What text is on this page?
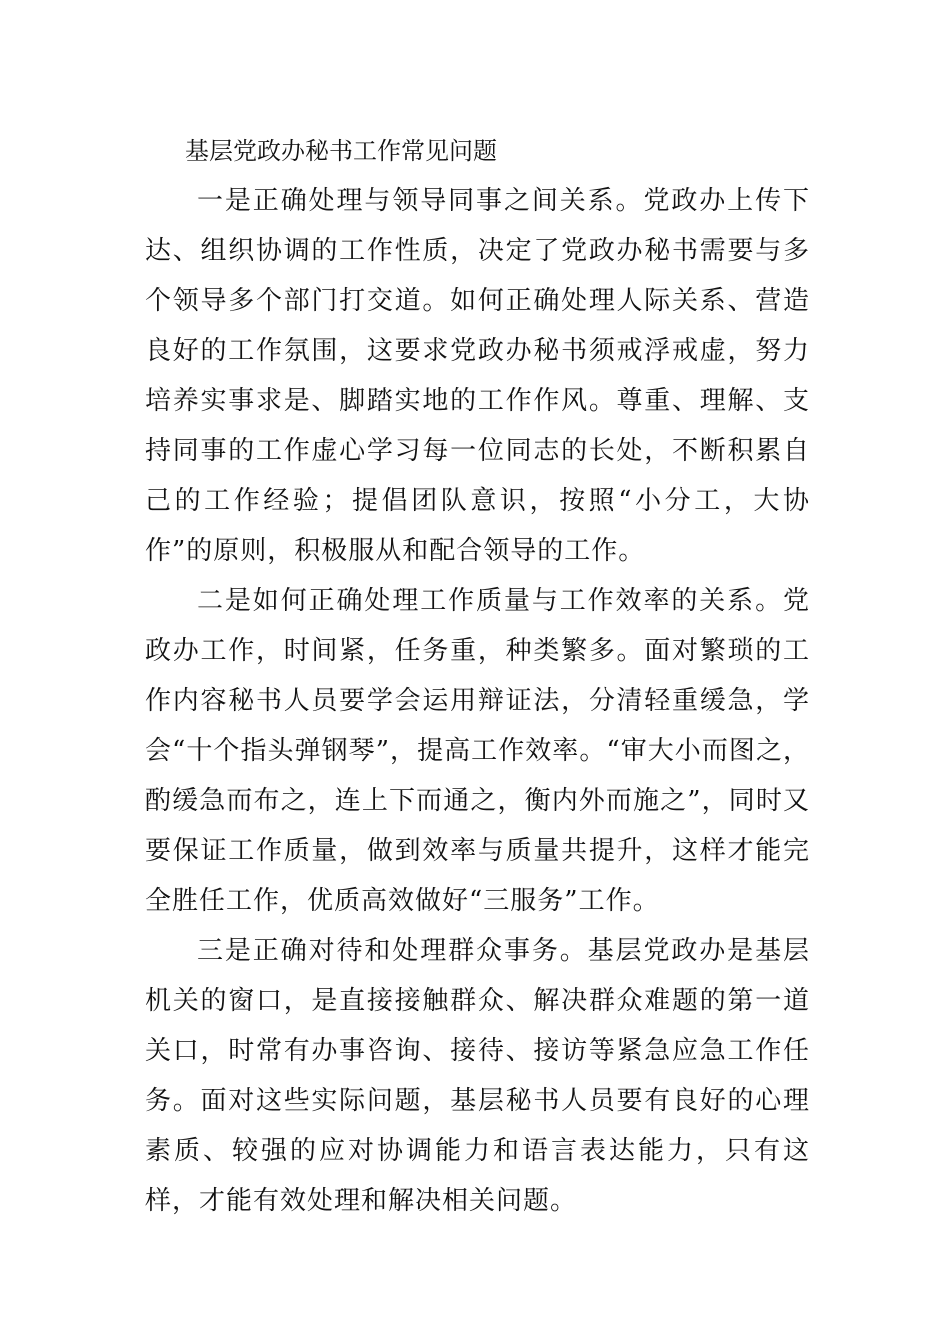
基层党政办秘书工作常见问题

一是正确处理与领导同事之间关系。党政办上传下达、组织协调的工作性质，决定了党政办秘书需要与多个领导多个部门打交道。如何正确处理人际关系、营造良好的工作氛围，这要求党政办秘书须戒浮戒虚，努力培养实事求是、脚踏实地的工作作风。尊重、理解、支持同事的工作虚心学习每一位同志的长处，不断积累自己的工作经验；提倡团队意识，按照“小分工，大协作”的原则，积极服从和配合领导的工作。

二是如何正确处理工作质量与工作效率的关系。党政办工作，时间紧，任务重，种类繁多。面对繁琐的工作内容秘书人员要学会运用辩证法，分清轻重缓急，学会“十个指头弹钢琴”，提高工作效率。“审大小而图之，酌缓急而布之，连上下而通之，衡内外而施之”，同时又要保证工作质量，做到效率与质量共提升，这样才能完全胜任工作，优质高效做好“三服务”工作。

三是正确对待和处理群众事务。基层党政办是基层机关的窗口，是直接接触群众、解决群众难题的第一道关口，时常有办事咨询、接待、接访等紧急应急工作任务。面对这些实际问题，基层秘书人员要有良好的心理素质、较强的应对协调能力和语言表达能力，只有这样，才能有效处理和解决相关问题。
